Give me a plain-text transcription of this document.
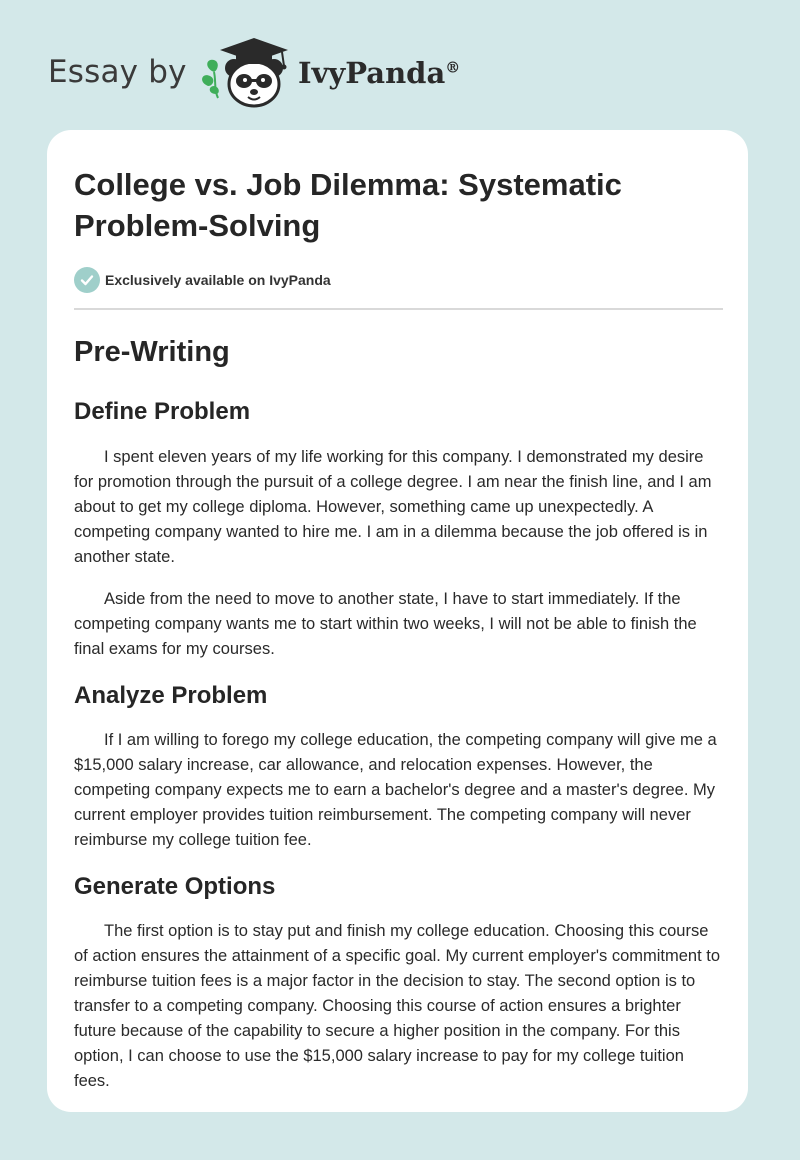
Essay by	IvyPanda®
College vs. Job Dilemma: Systematic Problem-Solving
Exclusively available on IvyPanda
Pre-Writing
Define Problem

I spent eleven years of my life working for this company. I demonstrated my desire for promotion through the pursuit of a college degree. I am near the finish line, and I am about to get my college diploma. However, something came up unexpectedly. A competing company wanted to hire me. I am in a dilemma because the job offered is in another state.

Aside from the need to move to another state, I have to start immediately. If the competing company wants me to start within two weeks, I will not be able to finish the final exams for my courses.

Analyze Problem

If I am willing to forego my college education, the competing company will give me a $15,000 salary increase, car allowance, and relocation expenses. However, the competing company expects me to earn a bachelor's degree and a master's degree. My current employer provides tuition reimbursement. The competing company will never reimburse my college tuition fee.

Generate Options

The first option is to stay put and finish my college education. Choosing this course of action ensures the attainment of a specific goal. My current employer's commitment to reimburse tuition fees is a major factor in the decision to stay. The second option is to transfer to a competing company. Choosing this course of action ensures a brighter future because of the capability to secure a higher position in the company. For this option, I can choose to use the $15,000 salary increase to pay for my college tuition fees.
